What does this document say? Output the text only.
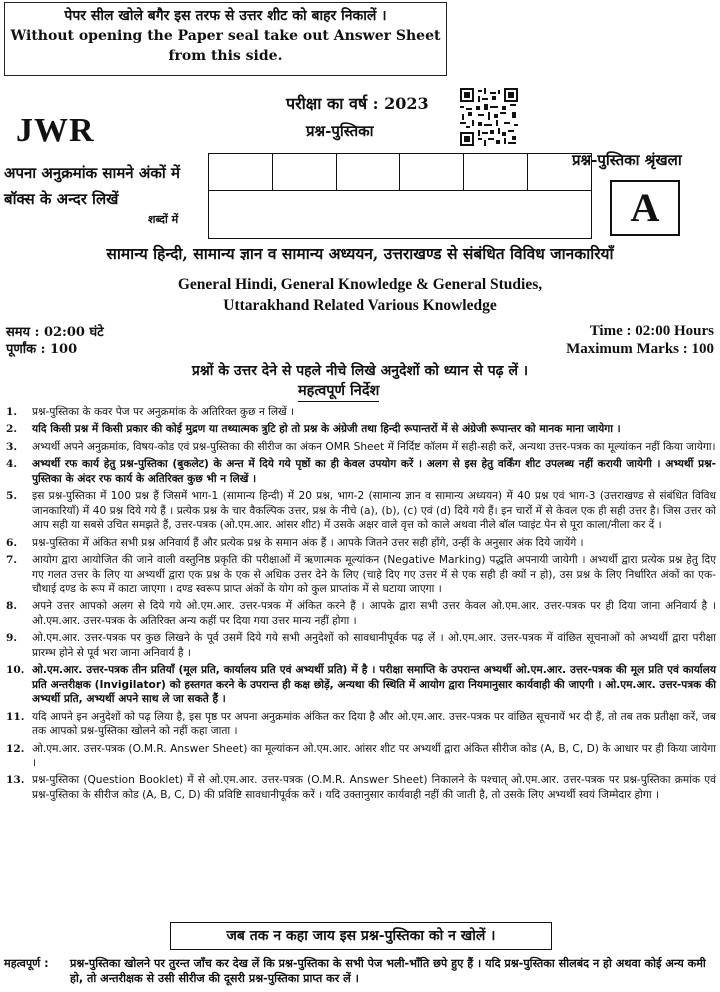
पेपर सील खोले बगैर इस तरफ से उत्तर शीट को बाहर निकालें ।
Without opening the Paper seal take out Answer Sheet
from this side.
JWR
परीक्षा का वर्ष : 2023
प्रश्न-पुस्तिका
अपना अनुक्रमांक सामने अंकों में
बॉक्स के अन्दर लिखें
शब्दों में
प्रश्न-पुस्तिका श्रृंखला
A
सामान्य हिन्दी, सामान्य ज्ञान व सामान्य अध्ययन, उत्तराखण्ड से संबंधित विविध जानकारियाँ
General Hindi, General Knowledge & General Studies,
Uttarakhand Related Various Knowledge
समय : 02:00 घंटे
पूर्णांक : 100
Time : 02:00 Hours
Maximum Marks : 100
प्रश्नों के उत्तर देने से पहले नीचे लिखे अनुदेशों को ध्यान से पढ़ लें ।
महत्वपूर्ण निर्देश
1.	प्रश्न-पुस्तिका के कवर पेज पर अनुक्रमांक के अतिरिक्त कुछ न लिखें ।
2.	यदि किसी प्रश्न में किसी प्रकार की कोई मुद्रण या तथ्यात्मक त्रुटि हो तो प्रश्न के अंग्रेजी तथा हिन्दी रूपान्तरों में से अंग्रेजी रूपान्तर को मानक माना जायेगा ।
3.	अभ्यर्थी अपने अनुक्रमांक, विषय-कोड एवं प्रश्न-पुस्तिका की सीरीज का अंकन OMR Sheet में निर्दिष्ट कॉलम में सही-सही करें, अन्यथा उत्तर-पत्रक का मूल्यांकन नहीं किया जायेगा।
4.	अभ्यर्थी रफ कार्य हेतु प्रश्न-पुस्तिका (बुकलेट) के अन्त में दिये गये पृष्ठों का ही केवल उपयोग करें । अलग से इस हेतु वर्किंग शीट उपलब्ध नहीं करायी जायेगी । अभ्यर्थी प्रश्न-पुस्तिका के अंदर रफ कार्य के अतिरिक्त कुछ भी न लिखें ।
5.	इस प्रश्न-पुस्तिका में 100 प्रश्न हैं जिसमें भाग-1 (सामान्य हिन्दी) में 20 प्रश्न, भाग-2 (सामान्य ज्ञान व सामान्य अध्ययन) में 40 प्रश्न एवं भाग-3 (उत्तराखण्ड से संबंधित विविध जानकारियाँ) में 40 प्रश्न दिये गये हैं । प्रत्येक प्रश्न के चार वैकल्पिक उत्तर, प्रश्न के नीचे (a), (b), (c) एवं (d) दिये गये हैं। इन चारों में से केवल एक ही सही उत्तर है। जिस उत्तर को आप सही या सबसे उचित समझते हैं, उत्तर-पत्रक (ओ.एम.आर. आंसर शीट) में उसके अक्षर वाले वृत्त को काले अथवा नीले बॉल प्वाइंट पेन से पूरा काला/नीला कर दें ।
6.	प्रश्न-पुस्तिका में अंकित सभी प्रश्न अनिवार्य हैं और प्रत्येक प्रश्न के समान अंक हैं । आपके जितने उत्तर सही होंगे, उन्हीं के अनुसार अंक दिये जायेंगे ।
7.	आयोग द्वारा आयोजित की जाने वाली वस्तुनिष्ठ प्रकृति की परीक्षाओं में ऋणात्मक मूल्यांकन (Negative Marking) पद्धति अपनायी जायेगी । अभ्यर्थी द्वारा प्रत्येक प्रश्न हेतु दिए गए गलत उत्तर के लिए या अभ्यर्थी द्वारा एक प्रश्न के एक से अधिक उत्तर देने के लिए (चाहे दिए गए उत्तर में से एक सही ही क्यों न हो), उस प्रश्न के लिए निर्धारित अंकों का एक-चौथाई दण्ड के रूप में काटा जाएगा । दण्ड स्वरूप प्राप्त अंकों के योग को कुल प्राप्तांक में से घटाया जाएगा ।
8.	अपने उत्तर आपको अलग से दिये गये ओ.एम.आर. उत्तर-पत्रक में अंकित करने हैं । आपके द्वारा सभी उत्तर केवल ओ.एम.आर. उत्तर-पत्रक पर ही दिया जाना अनिवार्य है । ओ.एम.आर. उत्तर-पत्रक के अतिरिक्त अन्य कहीं पर दिया गया उत्तर मान्य नहीं होगा ।
9.	ओ.एम.आर. उत्तर-पत्रक पर कुछ लिखने के पूर्व उसमें दिये गये सभी अनुदेशों को सावधानीपूर्वक पढ़ लें । ओ.एम.आर. उत्तर-पत्रक में वांछित सूचनाओं को अभ्यर्थी द्वारा परीक्षा प्रारम्भ होने से पूर्व भरा जाना अनिवार्य है ।
10. ओ.एम.आर. उत्तर-पत्रक तीन प्रतियाँ (मूल प्रति, कार्यालय प्रति एवं अभ्यर्थी प्रति) में है । परीक्षा समाप्ति के उपरान्त अभ्यर्थी ओ.एम.आर. उत्तर-पत्रक की मूल प्रति एवं कार्यालय प्रति अन्तरीक्षक (Invigilator) को हस्तगत करने के उपरान्त ही कक्ष छोड़ें, अन्यथा की स्थिति में आयोग द्वारा नियमानुसार कार्यवाही की जाएगी । ओ.एम.आर. उत्तर-पत्रक की अभ्यर्थी प्रति, अभ्यर्थी अपने साथ ले जा सकते हैं ।
11. यदि आपने इन अनुदेशों को पढ़ लिया है, इस पृष्ठ पर अपना अनुक्रमांक अंकित कर दिया है और ओ.एम.आर. उत्तर-पत्रक पर वांछित सूचनायें भर दी हैं, तो तब तक प्रतीक्षा करें, जब तक आपको प्रश्न-पुस्तिका खोलने को नहीं कहा जाता ।
12. ओ.एम.आर. उत्तर-पत्रक (O.M.R. Answer Sheet) का मूल्यांकन ओ.एम.आर. आंसर शीट पर अभ्यर्थी द्वारा अंकित सीरीज कोड (A, B, C, D) के आधार पर ही किया जायेगा ।
13. प्रश्न-पुस्तिका (Question Booklet) में से ओ.एम.आर. उत्तर-पत्रक (O.M.R. Answer Sheet) निकालने के पश्चात् ओ.एम.आर. उत्तर-पत्रक पर प्रश्न-पुस्तिका क्रमांक एवं प्रश्न-पुस्तिका के सीरीज कोड (A, B, C, D) की प्रविष्टि सावधानीपूर्वक करें । यदि उक्तानुसार कार्यवाही नहीं की जाती है, तो उसके लिए अभ्यर्थी स्वयं जिम्मेदार होगा ।
जब तक न कहा जाय इस प्रश्न-पुस्तिका को न खोलें ।
महत्वपूर्ण :	प्रश्न-पुस्तिका खोलने पर तुरन्त जाँच कर देख लें कि प्रश्न-पुस्तिका के सभी पेज भली-भाँति छपे हुए हैं । यदि प्रश्न-पुस्तिका सीलबंद न हो अथवा कोई अन्य कमी हो, तो अन्तरीक्षक से उसी सीरीज की दूसरी प्रश्न-पुस्तिका प्राप्त कर लें ।
